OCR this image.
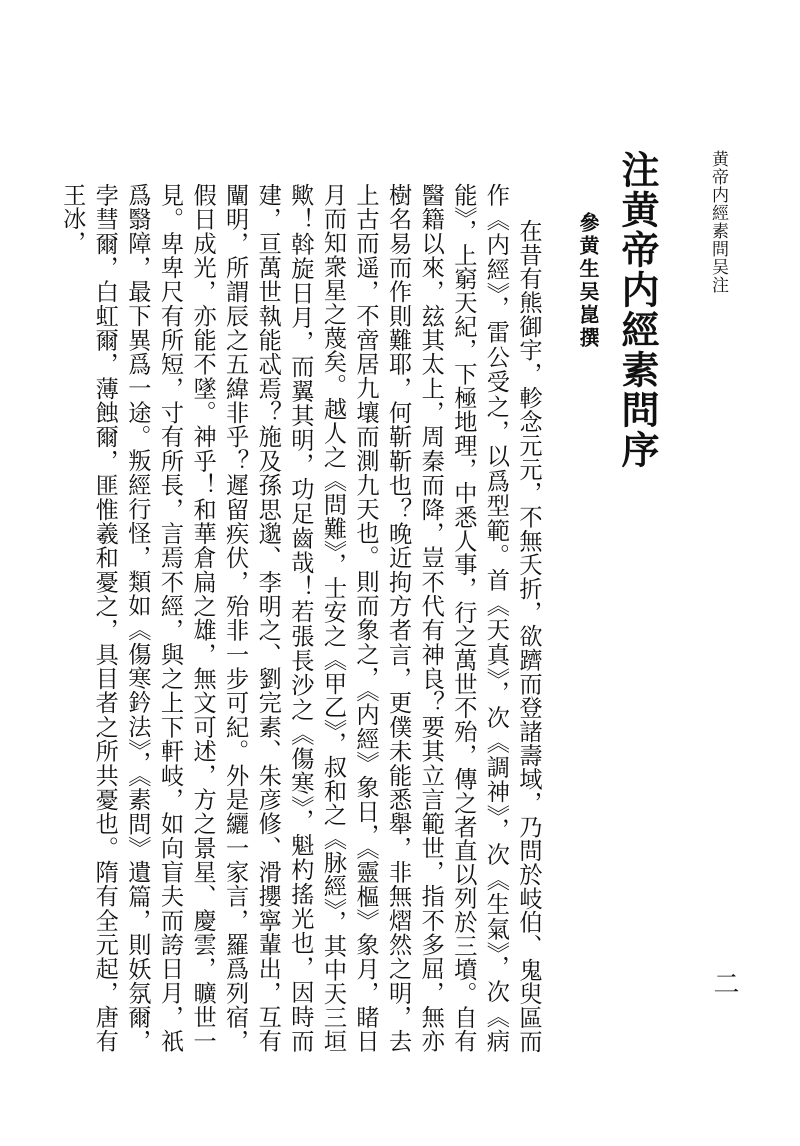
黄帝内經素問吴注
注黄帝内經素問序
參黄生吴崑撰

在昔有熊御宇，軫念元元，不無夭折，欲躋而登諸壽域，乃問於岐伯、鬼臾區而作《内經》，雷公受之，以爲型範。首《天真》，次《調神》，次《生氣》，次《病能》，上窮天紀，下極地理，中悉人事，行之萬世不殆，傳之者直以列於三墳。自有醫籍以來，玆其太上，周秦而降，豈不代有神良？要其立言範世，指不多屈，無亦樹名易而作則難耶，何靳靳也？晚近拘方者言，更僕未能悉舉，非無熠然之明，去上古而遥，不啻居九壤而測九天也。則而象之，《内經》象日，《靈樞》象月，睹日月而知衆星之蔑矣。越人之《問難》，士安之《甲乙》，叔和之《脉經》，其中天三垣歟！斡旋日月，而翼其明，功足齒哉！若張長沙之《傷寒》，魁杓搖光也，因時而建，亘萬世執能忒焉？施及孫思邈、李明之、劉完素、朱彦修、滑攖寧輩出，互有闡明，所謂辰之五緯非乎？遲留疾伏，殆非一步可紀。外是纚一家言，羅爲列宿，假日成光，亦能不墜。神乎！和華倉扁之雄，無文可述，方之景星、慶雲，曠世一見。卑卑尺有所短，寸有所長，言焉不經，與之上下軒岐，如向盲夫而誇日月，祇爲翳障，最下異爲一途。叛經行怪，類如《傷寒鈐法》，《素問》遺篇，則妖氛爾，孛彗爾，白虹爾，薄蝕爾，匪惟羲和憂之，具目者之所共憂也。隋有全元起，唐有王冰，

二
